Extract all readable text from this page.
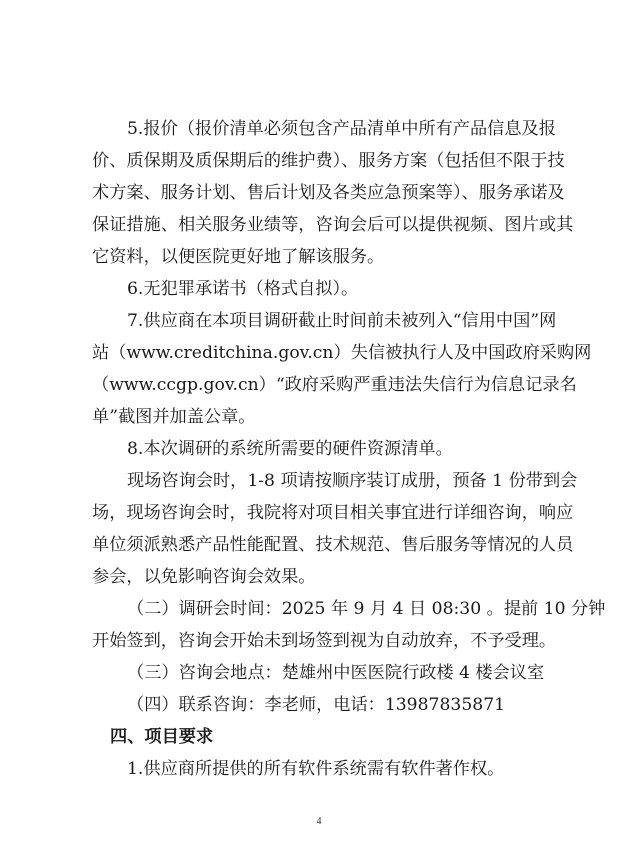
5.报价（报价清单必须包含产品清单中所有产品信息及报
价、质保期及质保期后的维护费）、服务方案（包括但不限于技
术方案、服务计划、售后计划及各类应急预案等）、服务承诺及
保证措施、相关服务业绩等，咨询会后可以提供视频、图片或其
它资料，以便医院更好地了解该服务。
6.无犯罪承诺书（格式自拟）。
7.供应商在本项目调研截止时间前未被列入“信用中国”网
站（www.creditchina.gov.cn）失信被执行人及中国政府采购网
（www.ccgp.gov.cn）“政府采购严重违法失信行为信息记录名
单”截图并加盖公章。
8.本次调研的系统所需要的硬件资源清单。
现场咨询会时，1-8 项请按顺序装订成册，预备 1 份带到会
场，现场咨询会时，我院将对项目相关事宜进行详细咨询，响应
单位须派熟悉产品性能配置、技术规范、售后服务等情况的人员
参会，以免影响咨询会效果。
（二）调研会时间：2025 年 9 月 4 日 08:30 。提前 10 分钟
开始签到，咨询会开始未到场签到视为自动放弃，不予受理。
（三）咨询会地点：楚雄州中医医院行政楼 4 楼会议室
（四）联系咨询：李老师，电话：13987835871
四、项目要求
1.供应商所提供的所有软件系统需有软件著作权。
4
